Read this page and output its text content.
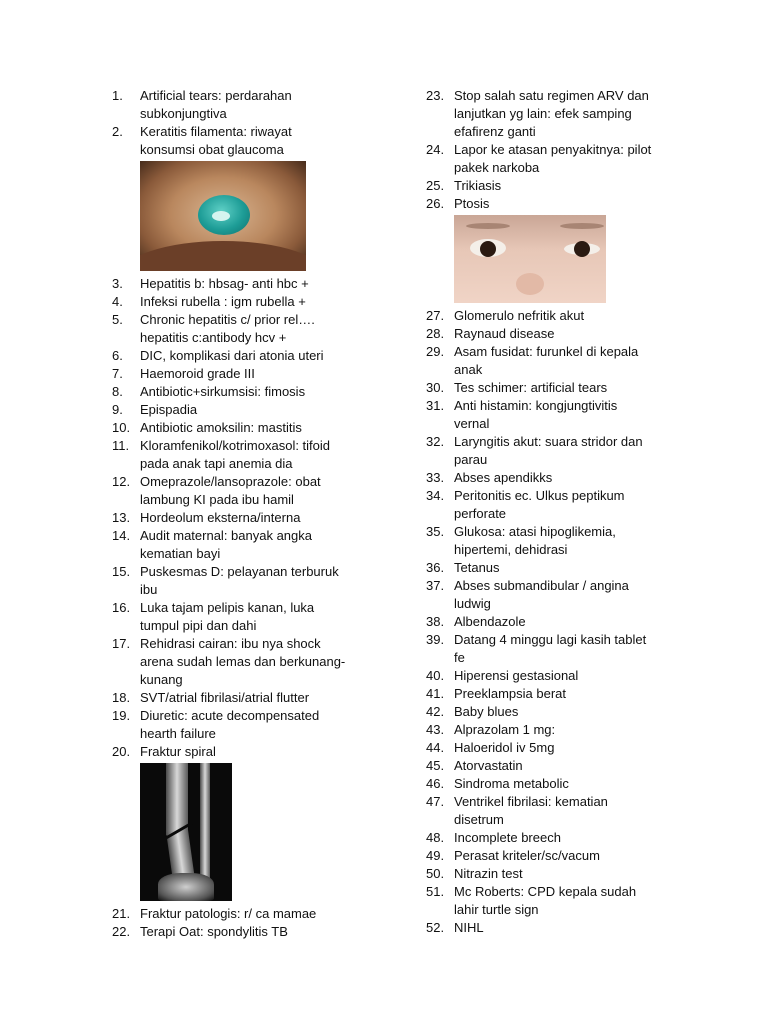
1.	Artificial tears: perdarahan
subkonjungtiva
2.	Keratitis filamenta: riwayat
konsumsi obat glaucoma
3.	Hepatitis b: hbsag- anti hbc +
4.	Infeksi rubella : igm rubella +
5.	Chronic hepatitis c/ prior rel….
hepatitis c:antibody hcv +
6.	DIC, komplikasi dari atonia uteri
7.	Haemoroid grade III
8.	Antibiotic+sirkumsisi: fimosis
9.	Epispadia
10. Antibiotic amoksilin: mastitis
11. Kloramfenikol/kotrimoxasol: tifoid
pada anak tapi anemia dia
12. Omeprazole/lansoprazole: obat
lambung KI pada ibu hamil
13. Hordeolum eksterna/interna
14. Audit maternal: banyak angka
kematian bayi
15. Puskesmas D: pelayanan terburuk
ibu
16. Luka tajam pelipis kanan, luka
tumpul pipi dan dahi
17. Rehidrasi cairan: ibu nya shock
arena sudah lemas dan berkunang-
kunang
18. SVT/atrial fibrilasi/atrial flutter
19. Diuretic: acute decompensated
hearth failure
20. Fraktur spiral
21. Fraktur patologis: r/ ca mamae
22. Terapi Oat: spondylitis TB
23. Stop salah satu regimen ARV dan
lanjutkan yg lain: efek samping
efafirenz ganti
24. Lapor ke atasan penyakitnya: pilot
pakek narkoba
25. Trikiasis
26. Ptosis
27. Glomerulo nefritik akut
28. Raynaud disease
29. Asam fusidat: furunkel di kepala
anak
30. Tes schimer: artificial tears
31. Anti histamin: kongjungtivitis
vernal
32. Laryngitis akut: suara stridor dan
parau
33. Abses apendikks
34. Peritonitis ec. Ulkus peptikum
perforate
35. Glukosa: atasi hipoglikemia,
hipertemi, dehidrasi
36. Tetanus
37. Abses submandibular / angina
ludwig
38. Albendazole
39. Datang 4 minggu lagi kasih tablet
fe
40. Hiperensi gestasional
41. Preeklampsia berat
42. Baby blues
43. Alprazolam 1 mg:
44. Haloeridol iv 5mg
45. Atorvastatin
46. Sindroma metabolic
47. Ventrikel fibrilasi: kematian
disetrum
48. Incomplete breech
49. Perasat kriteler/sc/vacum
50. Nitrazin test
51. Mc Roberts: CPD kepala sudah
lahir turtle sign
52. NIHL
